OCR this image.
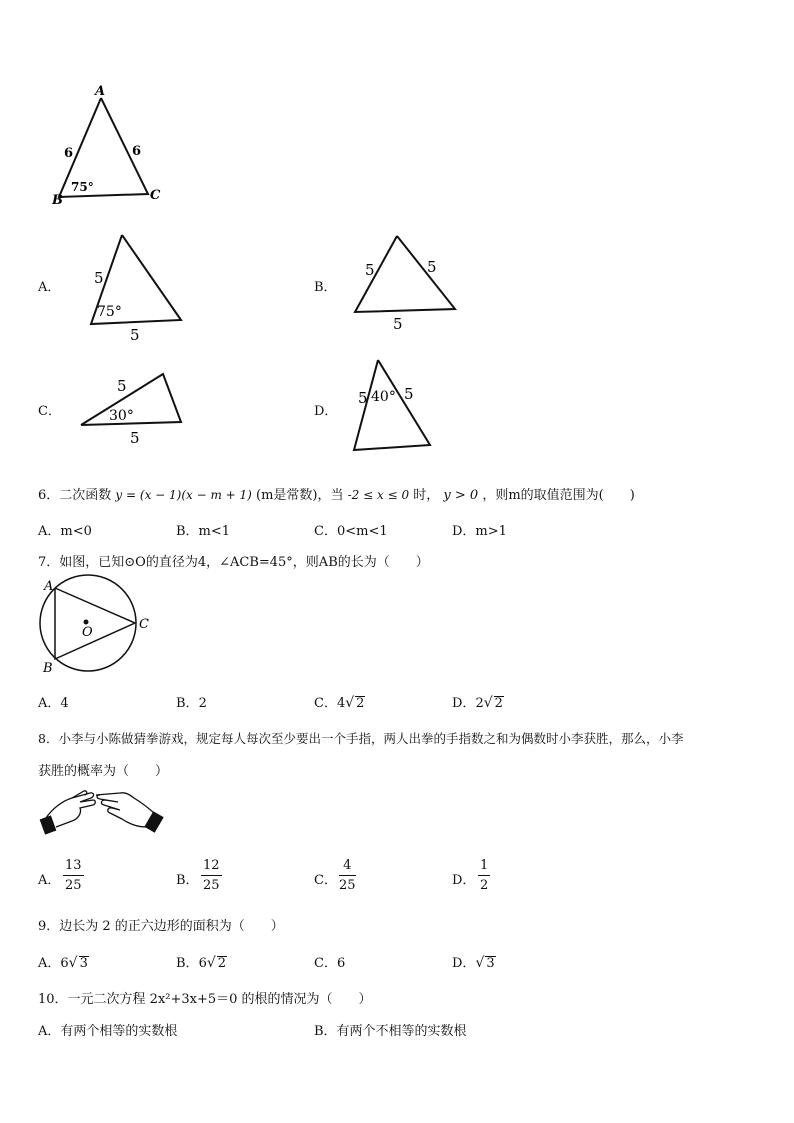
A
B	C
6	6
75°
A．
5
75°
5
B．
5	5
5
C．
5
30°
5
D．
5 40° 5
6．二次函数 y = (x − 1)(x − m + 1) (m是常数)，当 -2 ≤ x ≤ 0 时， y > 0 ，则m的取值范围为(　　)
A．m<0	B．m<1	C．0<m<1	D．m>1
7．如图，已知⊙O的直径为4，∠ACB=45°，则AB的长为（　　）
A
B
C
O
A．4	B．2	C．4√ 2	D．2√ 2
8．小李与小陈做猜拳游戏，规定每人每次至少要出一个手指，两人出拳的手指数之和为偶数时小李获胜，那么，小李
获胜的概率为（　　）
A．
13
25	B．
12
25	C．
4
25	D．
1
2
9．边长为 2 的正六边形的面积为（　　）
A．6√ 3	B．6√ 2	C．6	D．√ 3
10．一元二次方程 2x²+3x+5＝0 的根的情况为（　　）
A．有两个相等的实数根	B．有两个不相等的实数根
